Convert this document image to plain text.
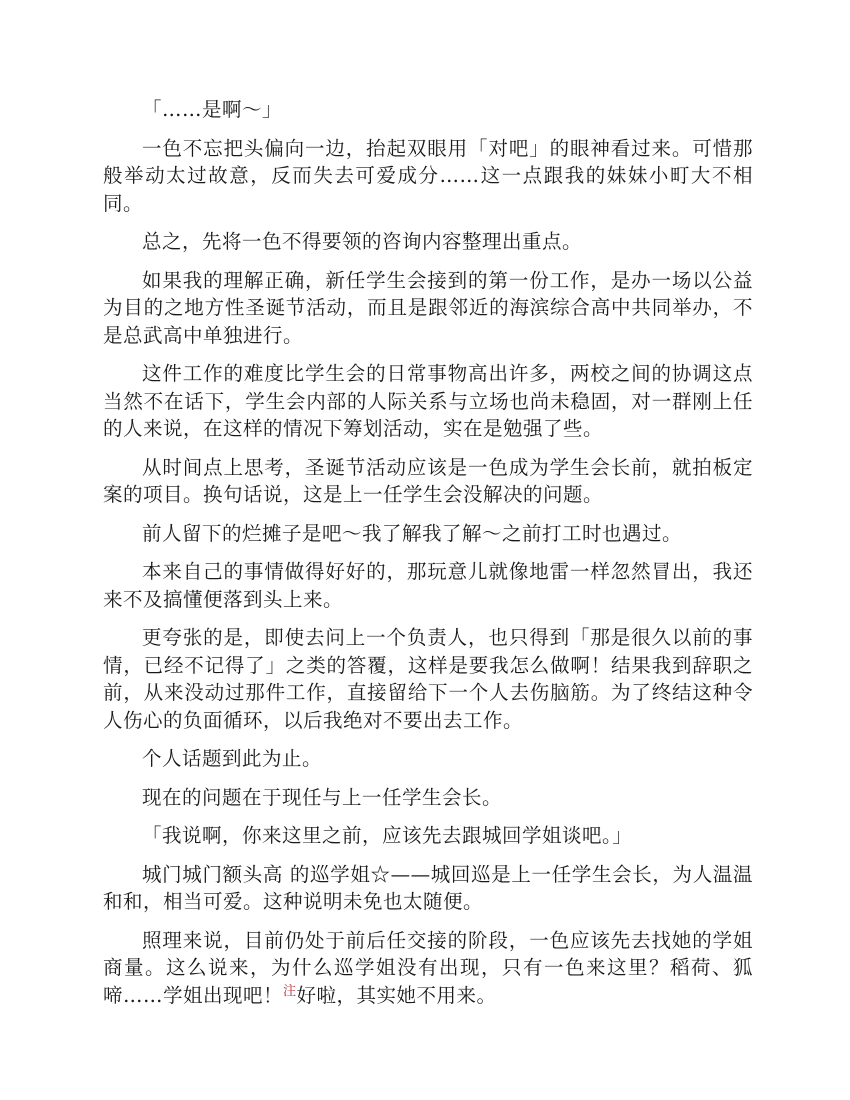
「……是啊～」

一色不忘把头偏向一边，抬起双眼用「对吧」的眼神看过来。可惜那般举动太过故意，反而失去可爱成分……这一点跟我的妹妹小町大不相同。

总之，先将一色不得要领的咨询内容整理出重点。

如果我的理解正确，新任学生会接到的第一份工作，是办一场以公益为目的之地方性圣诞节活动，而且是跟邻近的海滨综合高中共同举办，不是总武高中单独进行。

这件工作的难度比学生会的日常事物高出许多，两校之间的协调这点当然不在话下，学生会内部的人际关系与立场也尚未稳固，对一群刚上任的人来说，在这样的情况下筹划活动，实在是勉强了些。

从时间点上思考，圣诞节活动应该是一色成为学生会长前，就拍板定案的项目。换句话说，这是上一任学生会没解决的问题。

前人留下的烂摊子是吧～我了解我了解～之前打工时也遇过。

本来自己的事情做得好好的，那玩意儿就像地雷一样忽然冒出，我还来不及搞懂便落到头上来。

更夸张的是，即使去问上一个负责人，也只得到「那是很久以前的事情，已经不记得了」之类的答覆，这样是要我怎么做啊！结果我到辞职之前，从来没动过那件工作，直接留给下一个人去伤脑筋。为了终结这种令人伤心的负面循环，以后我绝对不要出去工作。

个人话题到此为止。

现在的问题在于现任与上一任学生会长。

「我说啊，你来这里之前，应该先去跟城回学姐谈吧。」

城门城门额头高 的巡学姐☆——城回巡是上一任学生会长，为人温温和和，相当可爱。这种说明未免也太随便。

照理来说，目前仍处于前后任交接的阶段，一色应该先去找她的学姐商量。这么说来，为什么巡学姐没有出现，只有一色来这里？稻荷、狐啼……学姐出现吧！$^注$好啦，其实她不用来。
